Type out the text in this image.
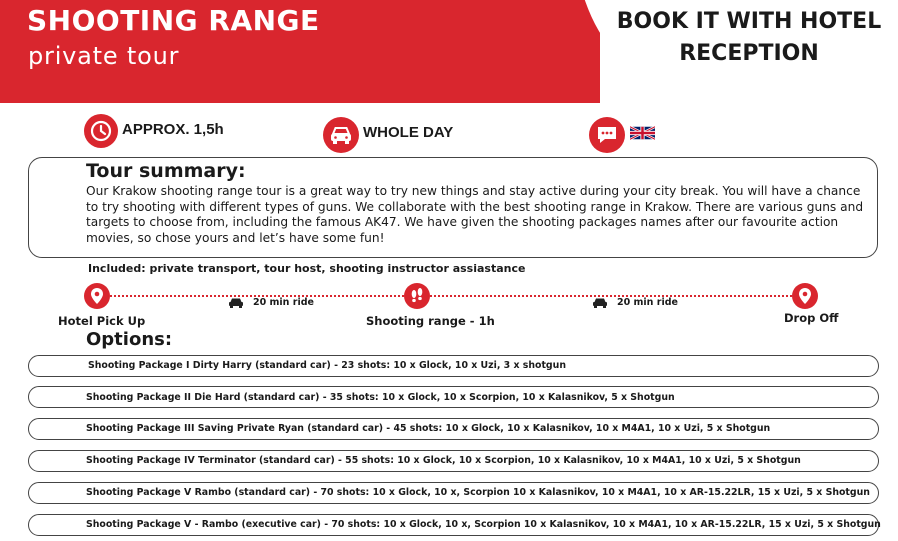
SHOOTING RANGE
private tour
BOOK IT WITH HOTEL
RECEPTION
APPROX. 1,5h	WHOLE DAY
Tour summary:
Our Krakow shooting range tour is a great way to try new things and stay active during your city break. You will have a chance to try shooting with different types of guns. We collaborate with the best shooting range in Krakow. There are various guns and targets to choose from, including the famous AK47. We have given the shooting packages names after our favourite action movies, so chose yours and let’s have some fun!
Included: private transport, tour host, shooting instructor assiastance
Hotel Pick Up
20 min ride
Shooting range - 1h
20 min ride
Drop Off
Options:
Shooting Package I Dirty Harry (standard car) - 23 shots: 10 x Glock, 10 x Uzi, 3 x shotgun
Shooting Package II Die Hard (standard car) - 35 shots: 10 x Glock, 10 x Scorpion, 10 x Kalasnikov, 5 x Shotgun
Shooting Package III Saving Private Ryan (standard car) - 45 shots: 10 x Glock, 10 x Kalasnikov, 10 x M4A1, 10 x Uzi, 5 x Shotgun
Shooting Package IV Terminator (standard car) - 55 shots: 10 x Glock, 10 x Scorpion, 10 x Kalasnikov, 10 x M4A1, 10 x Uzi, 5 x Shotgun
Shooting Package V Rambo (standard car) - 70 shots: 10 x Glock, 10 x, Scorpion 10 x Kalasnikov, 10 x M4A1, 10 x AR-15.22LR, 15 x Uzi, 5 x Shotgun
Shooting Package V - Rambo (executive car) - 70 shots: 10 x Glock, 10 x, Scorpion 10 x Kalasnikov, 10 x M4A1, 10 x AR-15.22LR, 15 x Uzi, 5 x Shotgun
